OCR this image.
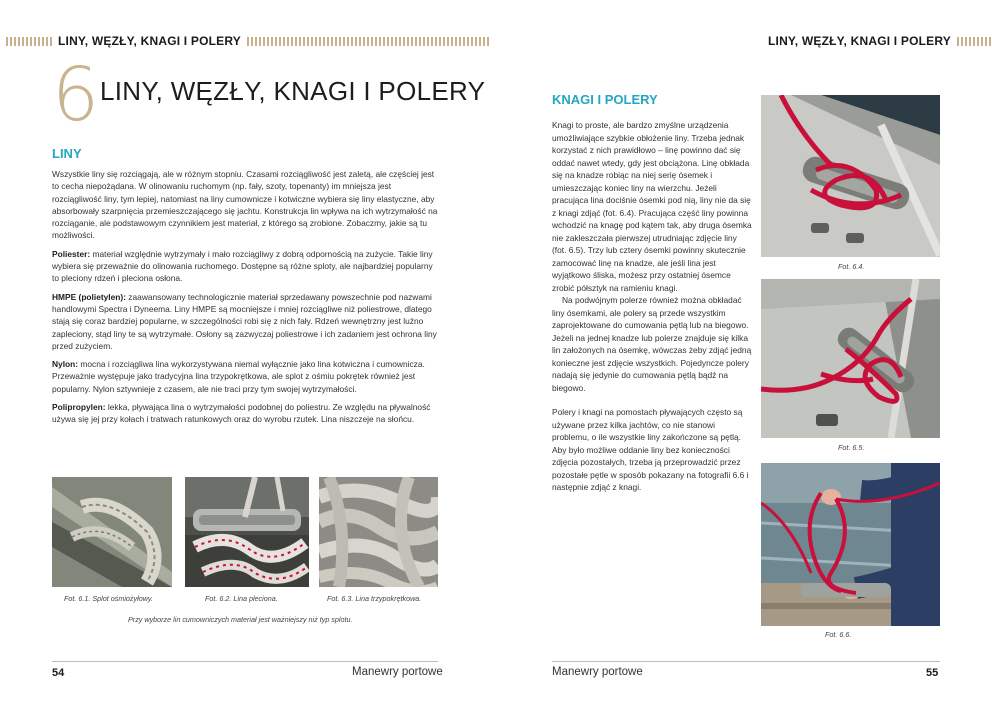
LINY, WĘZŁY, KNAGI I POLERY
6 LINY, WĘZŁY, KNAGI I POLERY
LINY

Wszystkie liny się rozciągają, ale w różnym stopniu. Czasami rozciągliwość jest zaletą, ale częściej jest to cecha niepożądana. W olinowaniu ruchomym (np. fały, szoty, topenanty) im mniejsza jest rozciągliwość liny, tym lepiej, natomiast na liny cumownicze i kotwiczne wybiera się liny elastyczne, aby absorbowały szarpnięcia przemieszczającego się jachtu. Konstrukcja lin wpływa na ich wytrzymałość na rozciąganie, ale podstawowym czynnikiem jest materiał, z którego są zrobione. Zobaczmy, jakie są tu możliwości.

Poliester: materiał względnie wytrzymały i mało rozciągliwy z dobrą odpornością na zużycie. Takie liny wybiera się przeważnie do olinowania ruchomego. Dostępne są różne sploty, ale najbardziej popularny to pleciony rdzeń i pleciona osłona.

HMPE (polietylen): zaawansowany technologicznie materiał sprzedawany powszechnie pod nazwami handlowymi Spectra i Dyneema. Liny HMPE są mocniejsze i mniej rozciągliwe niż poliestrowe, dlatego stają się coraz bardziej popularne, w szczególności robi się z nich fały. Rdzeń wewnętrzny jest luźno zapleciony, stąd liny te są wytrzymałe. Osłony są zazwyczaj poliestrowe i ich zadaniem jest ochrona liny przed zużyciem.

Nylon: mocna i rozciągliwa lina wykorzystywana niemal wyłącznie jako lina kotwiczna i cumownicza. Przeważnie występuje jako tradycyjna lina trzypokrętkowa, ale splot z ośmiu pokrętek również jest popularny. Nylon sztywnieje z czasem, ale nie traci przy tym swojej wytrzymałości.

Polipropylen: lekka, pływająca lina o wytrzymałości podobnej do poliestru. Ze względu na pływalność używa się jej przy kołach i tratwach ratunkowych oraz do wyrobu rzutek. Lina niszczeje na słońcu.

Fot. 6.1. Splot ośmiożyłowy.	Fot. 6.2. Lina pleciona.	Fot. 6.3. Lina trzypokrętkowa.
Przy wyborze lin cumowniczych materiał jest ważniejszy niż typ splotu.
54	Manewry portowe
LINY, WĘZŁY, KNAGI I POLERY
KNAGI I POLERY

Knagi to proste, ale bardzo zmyślne urządzenia umożliwiające szybkie obłożenie liny. Trzeba jednak korzystać z nich prawidłowo – linę powinno dać się oddać nawet wtedy, gdy jest obciążona. Linę obkłada się na knadze robiąc na niej serię ósemek i umieszczając koniec liny na wierzchu. Jeżeli pracująca lina dociśnie ósemki pod nią, liny nie da się z knagi zdjąć (fot. 6.4). Pracująca część liny powinna wchodzić na knagę pod kątem tak, aby druga ósemka nie zakleszczała pierwszej utrudniając zdjęcie liny (fot. 6.5). Trzy lub cztery ósemki powinny skutecznie zamocować linę na knadze, ale jeśli lina jest wyjątkowo śliska, możesz przy ostatniej ósemce zrobić półsztyk na ramieniu knagi.

Na podwójnym polerze również można obkładać liny ósemkami, ale polery są przede wszystkim zaprojektowane do cumowania pętlą lub na biegowo. Jeżeli na jednej knadze lub polerze znajduje się kilka lin założonych na ósemkę, wówczas żeby zdjąć jedną konieczne jest zdjęcie wszystkich. Pojedyncze polery nadają się jedynie do cumowania pętlą bądź na biegowo.

Polery i knagi na pomostach pływających często są używane przez kilka jachtów, co nie stanowi problemu, o ile wszystkie liny zakończone są pętlą. Aby było możliwe oddanie liny bez konieczności zdjęcia pozostałych, trzeba ją przeprowadzić przez pozostałe pętle w sposób pokazany na fotografii 6.6 i następnie zdjąć z knagi.

Fot. 6.4.
Fot. 6.5.
Fot. 6.6.
Manewry portowe	55
